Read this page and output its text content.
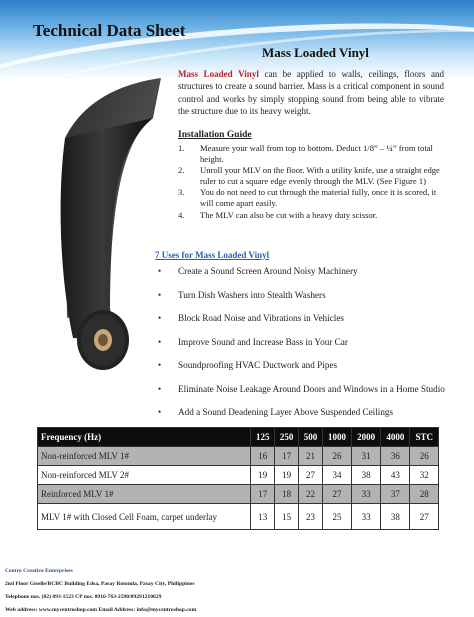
Technical Data Sheet
Mass Loaded Vinyl

Mass Loaded Vinyl can be applied to walls, ceilings, floors and structures to create a sound barrier. Mass is a critical component in sound control and works by simply stopping sound from being able to vibrate the structure due to its heavy weight.

Installation Guide
1. Measure your wall from top to bottom. Deduct 1/8” – ¼” from total height.
2. Unroll your MLV on the floor. With a utility knife, use a straight edge ruler to cut a square edge evenly through the MLV. (See Figure 1)
3. You do not need to cut through the material fully, once it is scored, it will come apart easily.
4. The MLV can also be cut with a heavy duty scissor.
7 Uses for Mass Loaded Vinyl
• Create a Sound Screen Around Noisy Machinery
• Turn Dish Washers into Stealth Washers
• Block Road Noise and Vibrations in Vehicles
• Improve Sound and Increase Bass in Your Car
• Soundproofing HVAC Ductwork and Pipes
• Eliminate Noise Leakage Around Doors and Windows in a Home Studio
• Add a Sound Deadening Layer Above Suspended Ceilings
Frequency (Hz)	125	250	500	1000	2000	4000	STC
Non-reinforced MLV 1#	16	17	21	26	31	36	26
Non-reinforced MLV 2#	19	19	27	34	38	43	32
Reinforced MLV 1#	17	18	22	27	33	37	28
MLV 1# with Closed Cell Foam, carpet underlay	13	15	23	25	33	38	27
Centro Creativo Enterprises
2nd Floor Giselle/BCBC Building Edsa, Pasay Rotonda, Pasay City, Philippines
Telephone nos. (02) 893-1523 CP nos. 0916-763-2590/09291210629
Web address: www.mycentroshop.com Email Address: info@mycentroshop.com
